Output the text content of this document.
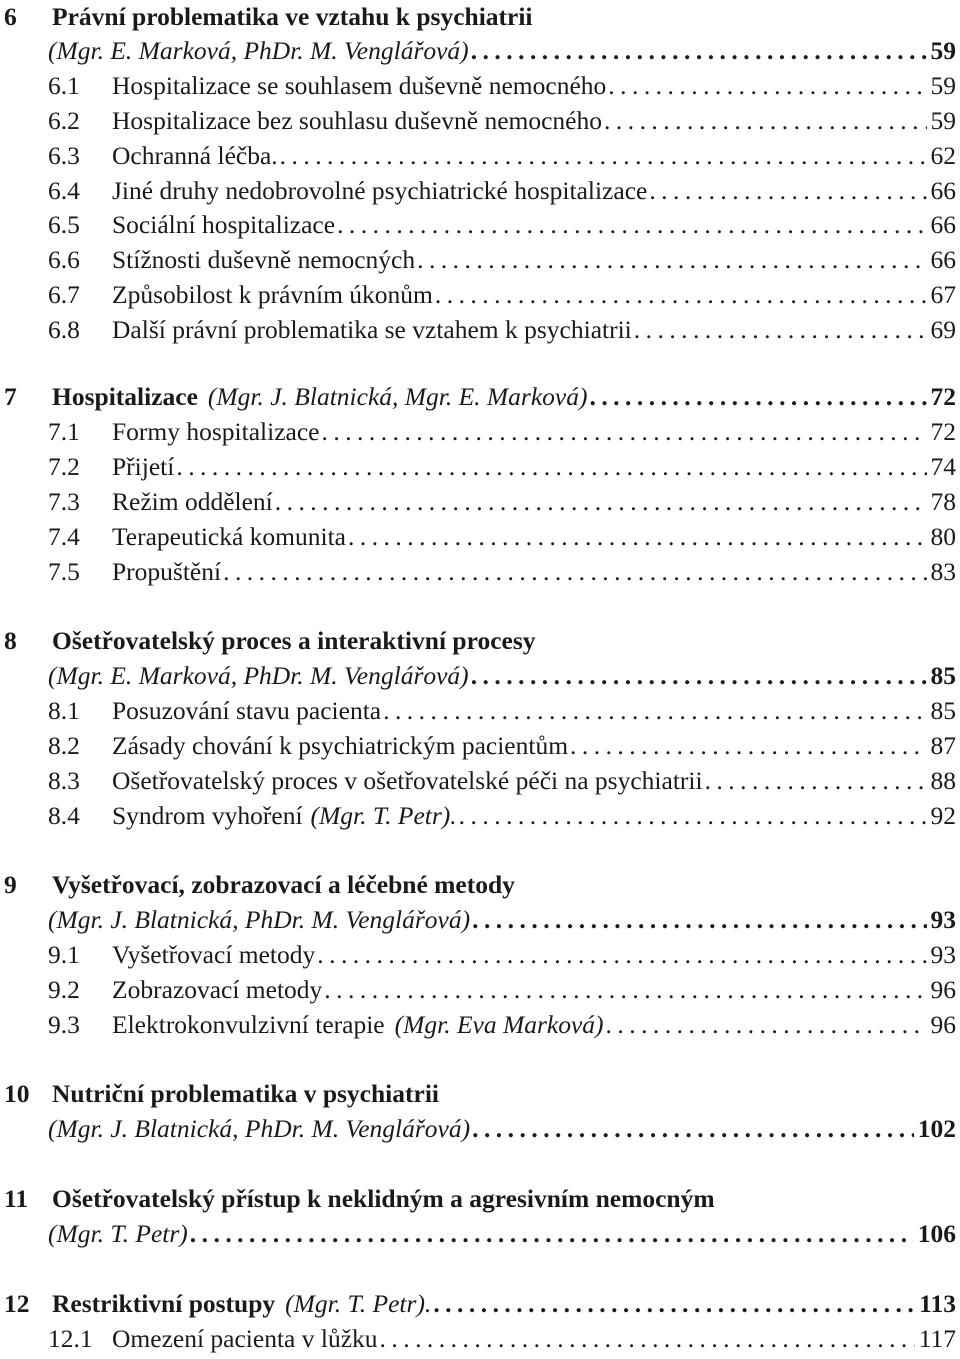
6	Právní problematika ve vztahu k psychiatrii
(Mgr. E. Marková, PhDr. M. Venglářová) . . .	59
6.1	Hospitalizace se souhlasem duševně nemocného . . .	59
6.2	Hospitalizace bez souhlasu duševně nemocného . . .	59
6.3	Ochranná léčba. . . .	62
6.4	Jiné druhy nedobrovolné psychiatrické hospitalizace . . .	66
6.5	Sociální hospitalizace . . .	66
6.6	Stížnosti duševně nemocných . . .	66
6.7	Způsobilost k právním úkonům . . .	67
6.8	Další právní problematika se vztahem k psychiatrii . . .	69
7	Hospitalizace (Mgr. J. Blatnická, Mgr. E. Marková) . . .	72
7.1	Formy hospitalizace . . .	72
7.2	Přijetí . . .	74
7.3	Režim oddělení . . .	78
7.4	Terapeutická komunita . . .	80
7.5	Propuštění . . .	83
8	Ošetřovatelský proces a interaktivní procesy
(Mgr. E. Marková, PhDr. M. Venglářová) . . .	85
8.1	Posuzování stavu pacienta . . .	85
8.2	Zásady chování k psychiatrickým pacientům . . .	87
8.3	Ošetřovatelský proces v ošetřovatelské péči na psychiatrii . . .	88
8.4	Syndrom vyhoření (Mgr. T. Petr). . . .	92
9	Vyšetřovací, zobrazovací a léčebné metody
(Mgr. J. Blatnická, PhDr. M. Venglářová) . . .	93
9.1	Vyšetřovací metody . . .	93
9.2	Zobrazovací metody . . .	96
9.3	Elektrokonvulzivní terapie (Mgr. Eva Marková) . . .	96
10 Nutriční problematika v psychiatrii
(Mgr. J. Blatnická, PhDr. M. Venglářová) . . .	102
11 Ošetřovatelský přístup k neklidným a agresivním nemocným
(Mgr. T. Petr) . . .	106
12 Restriktivní postupy (Mgr. T. Petr). . . .	113
12.1 Omezení pacienta v lůžku . . .	117
